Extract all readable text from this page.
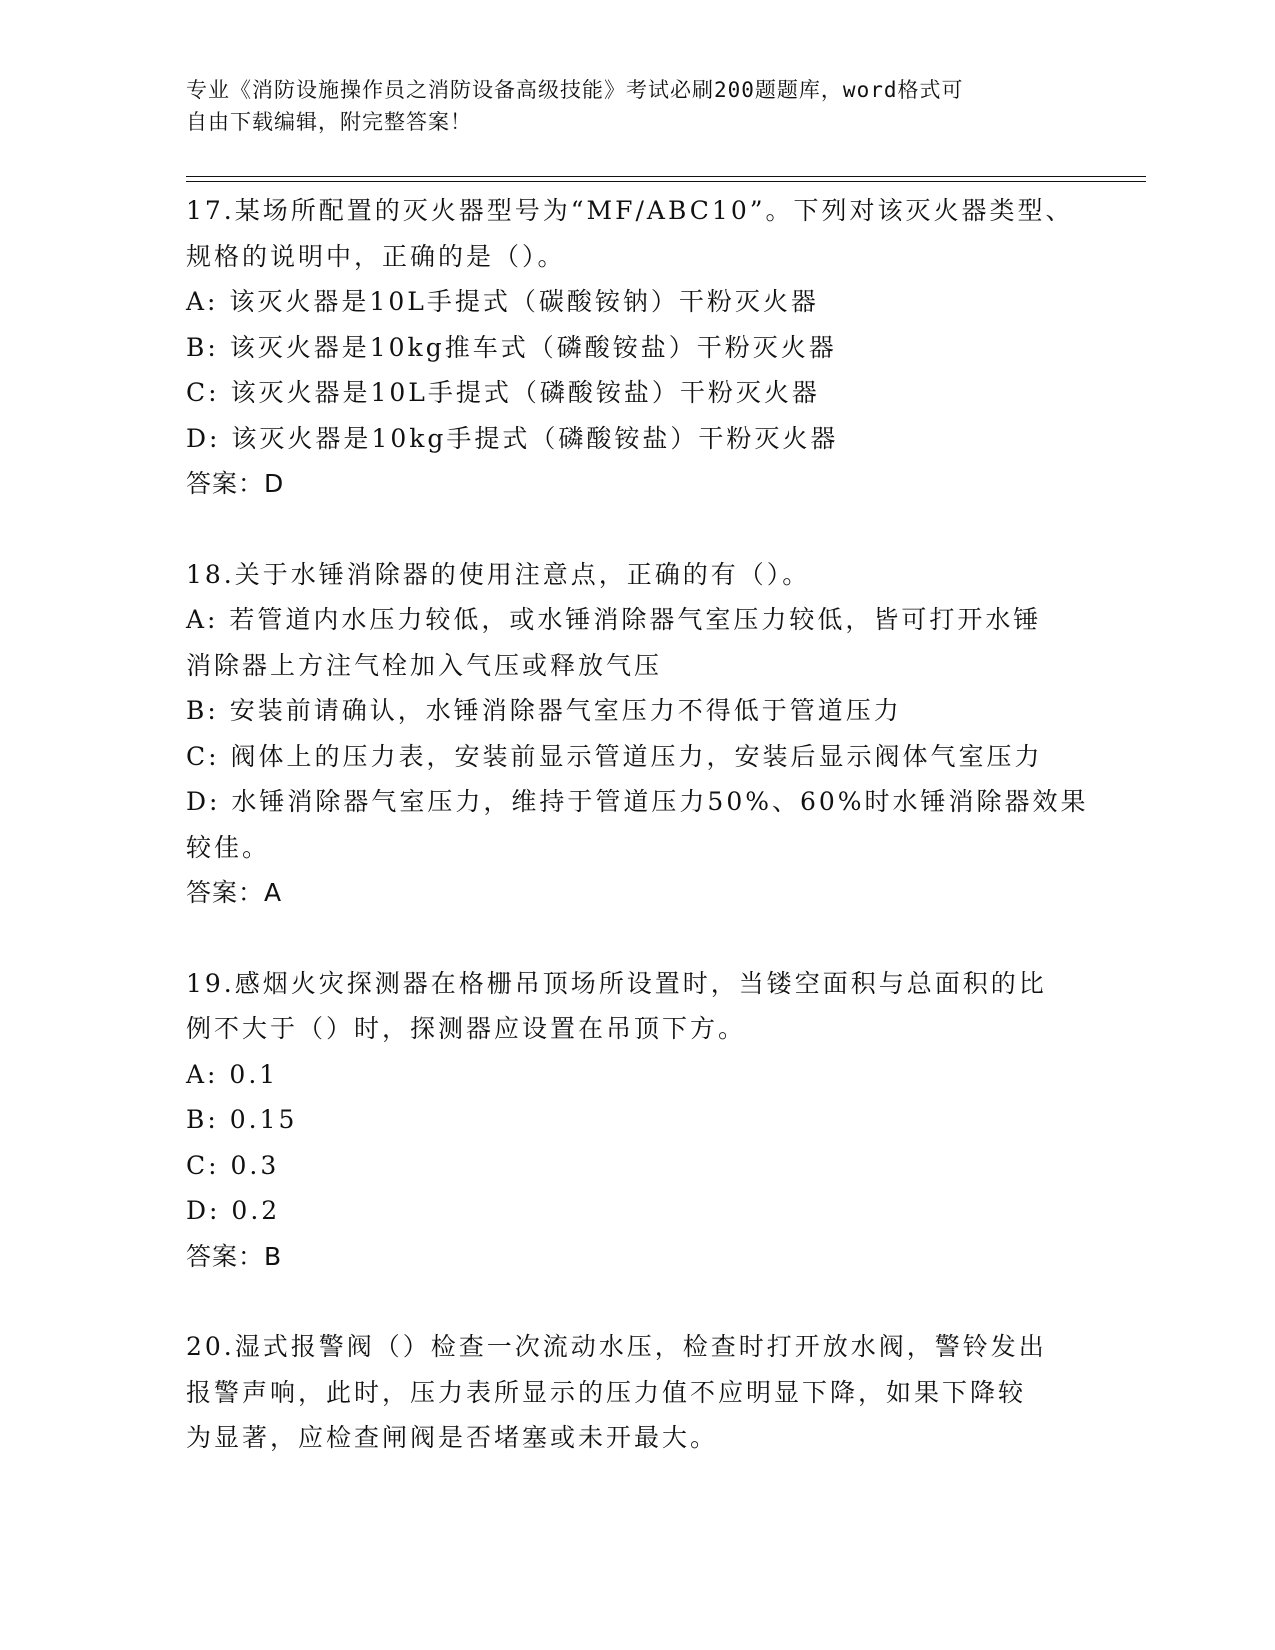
专业《消防设施操作员之消防设备高级技能》考试必刷200题题库，word格式可
自由下载编辑，附完整答案！
17.某场所配置的灭火器型号为“MF/ABC10”。下列对该灭火器类型、
规格的说明中，正确的是（）。
A: 该灭火器是10L手提式（碳酸铵钠）干粉灭火器
B: 该灭火器是10kg推车式（磷酸铵盐）干粉灭火器
C: 该灭火器是10L手提式（磷酸铵盐）干粉灭火器
D: 该灭火器是10kg手提式（磷酸铵盐）干粉灭火器
答案：D
18.关于水锤消除器的使用注意点，正确的有（）。
A: 若管道内水压力较低，或水锤消除器气室压力较低，皆可打开水锤
消除器上方注气栓加入气压或释放气压
B: 安装前请确认，水锤消除器气室压力不得低于管道压力
C: 阀体上的压力表，安装前显示管道压力，安装后显示阀体气室压力
D: 水锤消除器气室压力，维持于管道压力50%、60%时水锤消除器效果
较佳。
答案：A
19.感烟火灾探测器在格栅吊顶场所设置时，当镂空面积与总面积的比
例不大于（）时，探测器应设置在吊顶下方。
A: 0.1
B: 0.15
C: 0.3
D: 0.2
答案：B
20.湿式报警阀（）检查一次流动水压，检查时打开放水阀，警铃发出
报警声响，此时，压力表所显示的压力值不应明显下降，如果下降较
为显著，应检查闸阀是否堵塞或未开最大。
